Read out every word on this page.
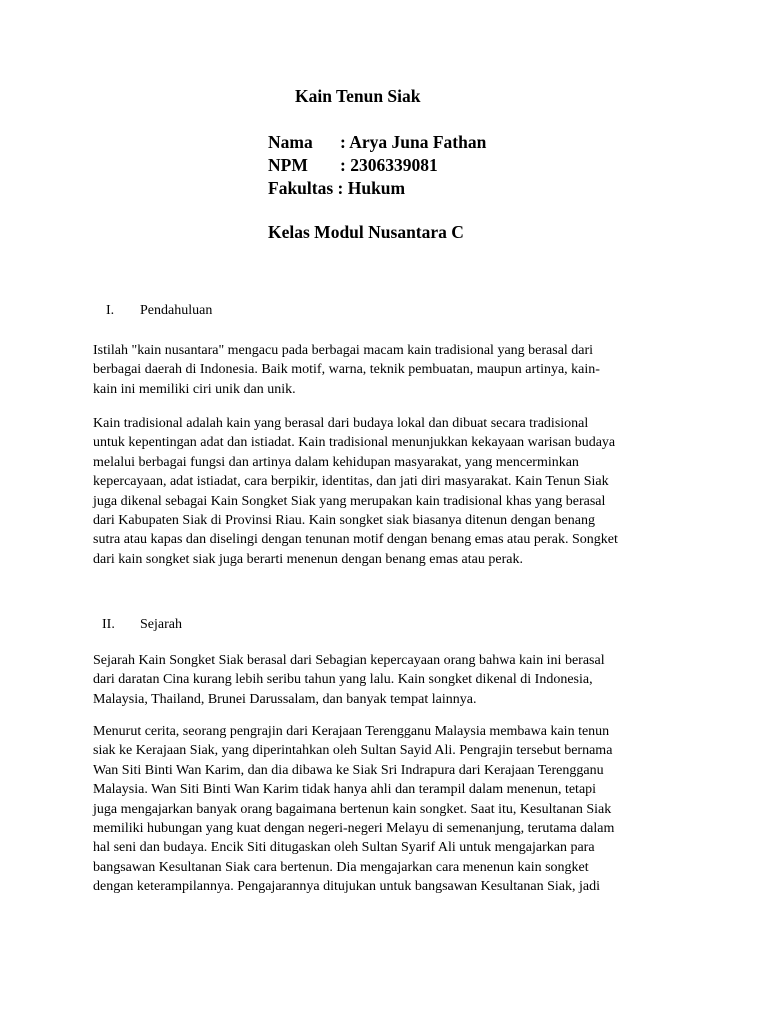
Kain Tenun Siak
Nama : Arya Juna Fathan
NPM : 2306339081
Fakultas : Hukum
Kelas Modul Nusantara C
I. Pendahuluan
Istilah "kain nusantara" mengacu pada berbagai macam kain tradisional yang berasal dari
berbagai daerah di Indonesia. Baik motif, warna, teknik pembuatan, maupun artinya, kain-
kain ini memiliki ciri unik dan unik.
Kain tradisional adalah kain yang berasal dari budaya lokal dan dibuat secara tradisional
untuk kepentingan adat dan istiadat. Kain tradisional menunjukkan kekayaan warisan budaya
melalui berbagai fungsi dan artinya dalam kehidupan masyarakat, yang mencerminkan
kepercayaan, adat istiadat, cara berpikir, identitas, dan jati diri masyarakat. Kain Tenun Siak
juga dikenal sebagai Kain Songket Siak yang merupakan kain tradisional khas yang berasal
dari Kabupaten Siak di Provinsi Riau. Kain songket siak biasanya ditenun dengan benang
sutra atau kapas dan diselingi dengan tenunan motif dengan benang emas atau perak. Songket
dari kain songket siak juga berarti menenun dengan benang emas atau perak.
II. Sejarah
Sejarah Kain Songket Siak berasal dari Sebagian kepercayaan orang bahwa kain ini berasal
dari daratan Cina kurang lebih seribu tahun yang lalu. Kain songket dikenal di Indonesia,
Malaysia, Thailand, Brunei Darussalam, dan banyak tempat lainnya.
Menurut cerita, seorang pengrajin dari Kerajaan Terengganu Malaysia membawa kain tenun
siak ke Kerajaan Siak, yang diperintahkan oleh Sultan Sayid Ali. Pengrajin tersebut bernama
Wan Siti Binti Wan Karim, dan dia dibawa ke Siak Sri Indrapura dari Kerajaan Terengganu
Malaysia. Wan Siti Binti Wan Karim tidak hanya ahli dan terampil dalam menenun, tetapi
juga mengajarkan banyak orang bagaimana bertenun kain songket. Saat itu, Kesultanan Siak
memiliki hubungan yang kuat dengan negeri-negeri Melayu di semenanjung, terutama dalam
hal seni dan budaya. Encik Siti ditugaskan oleh Sultan Syarif Ali untuk mengajarkan para
bangsawan Kesultanan Siak cara bertenun. Dia mengajarkan cara menenun kain songket
dengan keterampilannya. Pengajarannya ditujukan untuk bangsawan Kesultanan Siak, jadi
